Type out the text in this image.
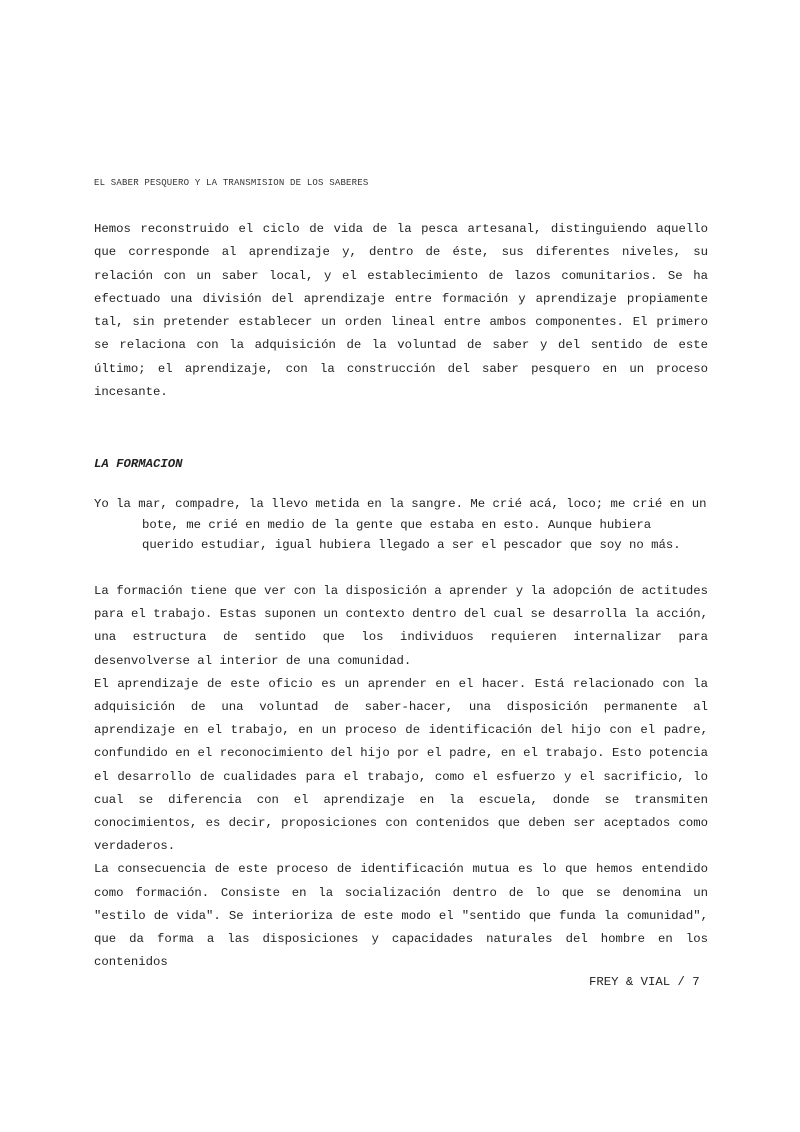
EL SABER PESQUERO Y LA TRANSMISION DE LOS SABERES

Hemos reconstruido el ciclo de vida de la pesca artesanal, distinguiendo aquello que corresponde al aprendizaje y, dentro de éste, sus diferentes niveles, su relación con un saber local, y el establecimiento de lazos comunitarios. Se ha efectuado una división del aprendizaje entre formación y aprendizaje propiamente tal, sin pretender establecer un orden lineal entre ambos componentes. El primero se relaciona con la adquisición de la voluntad de saber y del sentido de este último; el aprendizaje, con la construcción del saber pesquero en un proceso incesante.

LA FORMACION
Yo la mar, compadre, la llevo metida en la sangre. Me crié acá, loco; me crié en un bote, me crié en medio de la gente que estaba en esto. Aunque hubiera querido estudiar, igual hubiera llegado a ser el pescador que soy no más.

La formación tiene que ver con la disposición a aprender y la adopción de actitudes para el trabajo. Estas suponen un contexto dentro del cual se desarrolla la acción, una estructura de sentido que los individuos requieren internalizar para desenvolverse al interior de una comunidad.

El aprendizaje de este oficio es un aprender en el hacer. Está relacionado con la adquisición de una voluntad de saber-hacer, una disposición permanente al aprendizaje en el trabajo, en un proceso de identificación del hijo con el padre, confundido en el reconocimiento del hijo por el padre, en el trabajo. Esto potencia el desarrollo de cualidades para el trabajo, como el esfuerzo y el sacrificio, lo cual se diferencia con el aprendizaje en la escuela, donde se transmiten conocimientos, es decir, proposiciones con contenidos que deben ser aceptados como verdaderos.

La consecuencia de este proceso de identificación mutua es lo que hemos entendido como formación. Consiste en la socialización dentro de lo que se denomina un "estilo de vida". Se interioriza de este modo el "sentido que funda la comunidad", que da forma a las disposiciones y capacidades naturales del hombre en los contenidos

FREY & VIAL / 7
